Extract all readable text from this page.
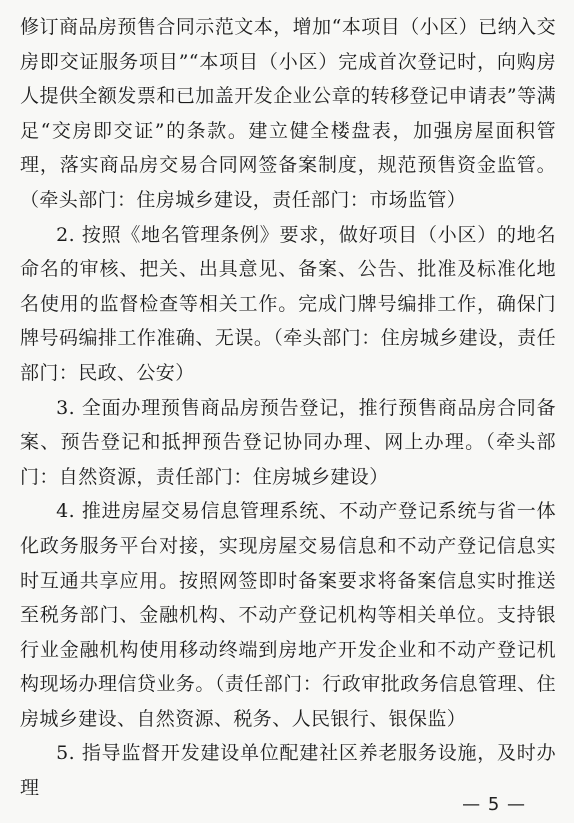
修订商品房预售合同示范文本，增加“本项目（小区）已纳入交房即交证服务项目”“本项目（小区）完成首次登记时，向购房人提供全额发票和已加盖开发企业公章的转移登记申请表”等满足“交房即交证”的条款。建立健全楼盘表，加强房屋面积管理，落实商品房交易合同网签备案制度，规范预售资金监管。（牵头部门：住房城乡建设，责任部门：市场监管）

2. 按照《地名管理条例》要求，做好项目（小区）的地名命名的审核、把关、出具意见、备案、公告、批准及标准化地名使用的监督检查等相关工作。完成门牌号编排工作，确保门牌号码编排工作准确、无误。（牵头部门：住房城乡建设，责任部门：民政、公安）

3. 全面办理预售商品房预告登记，推行预售商品房合同备案、预告登记和抵押预告登记协同办理、网上办理。（牵头部门：自然资源，责任部门：住房城乡建设）

4. 推进房屋交易信息管理系统、不动产登记系统与省一体化政务服务平台对接，实现房屋交易信息和不动产登记信息实时互通共享应用。按照网签即时备案要求将备案信息实时推送至税务部门、金融机构、不动产登记机构等相关单位。支持银行业金融机构使用移动终端到房地产开发企业和不动产登记机构现场办理信贷业务。（责任部门：行政审批政务信息管理、住房城乡建设、自然资源、税务、人民银行、银保监）

5. 指导监督开发建设单位配建社区养老服务设施，及时办理

— 5 —
